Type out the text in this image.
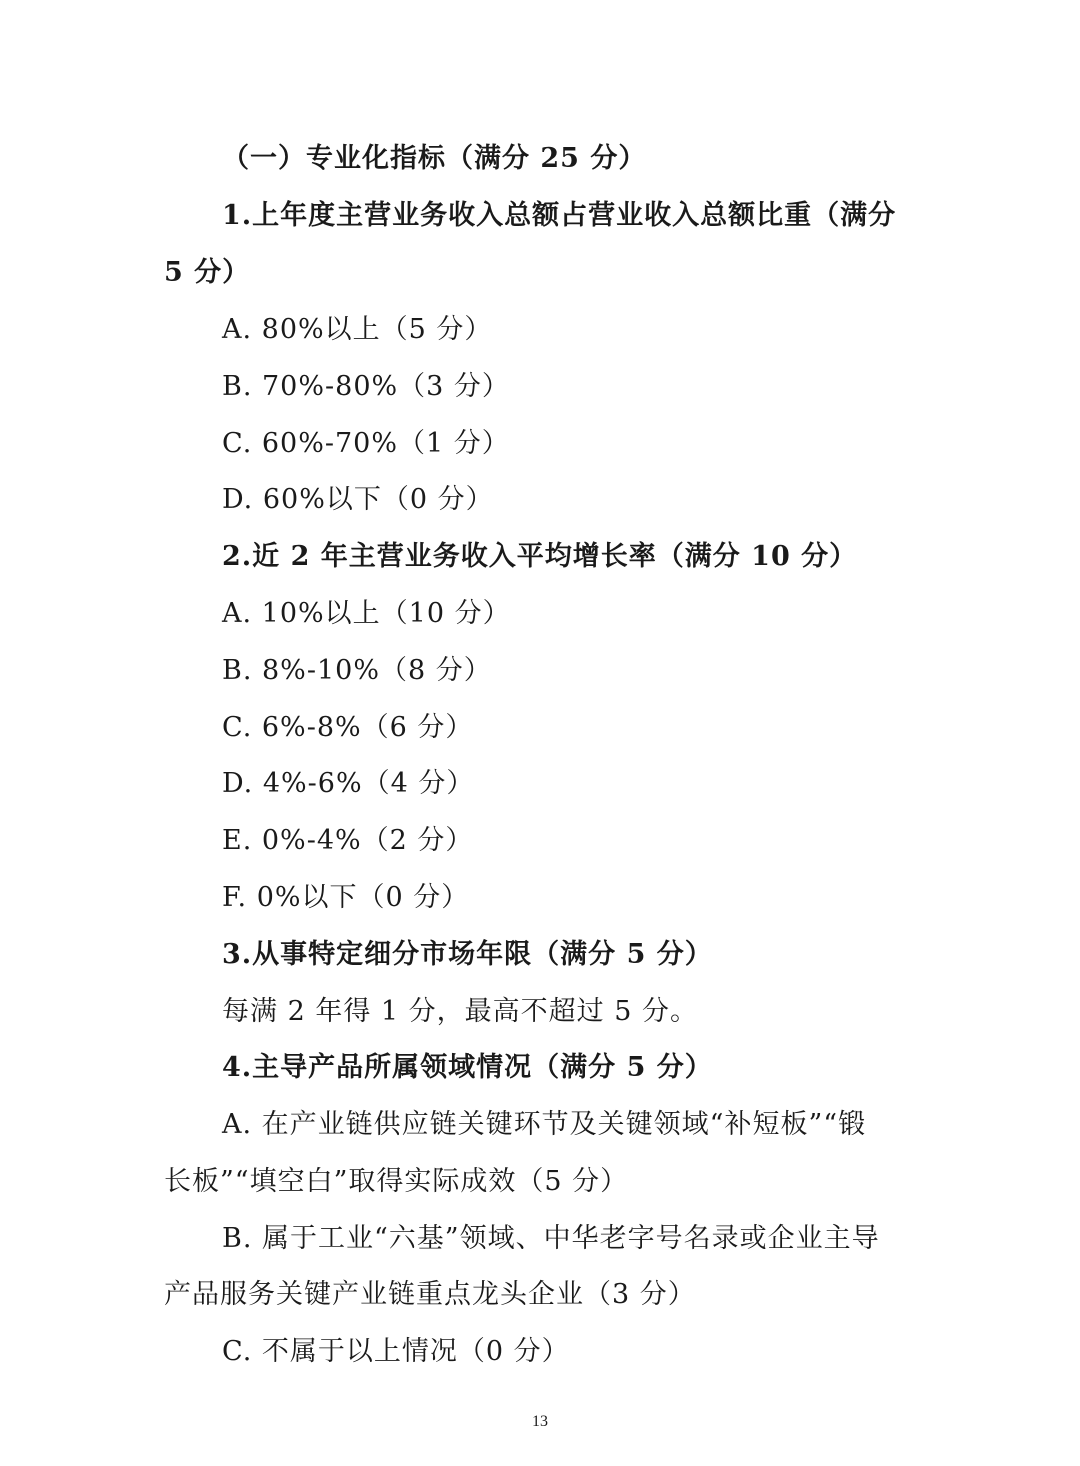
（一）专业化指标（满分 25 分）
1.上年度主营业务收入总额占营业收入总额比重（满分
5 分）
A. 80%以上（5 分）
B. 70%-80%（3 分）
C. 60%-70%（1 分）
D. 60%以下（0 分）
2.近 2 年主营业务收入平均增长率（满分 10 分）
A. 10%以上（10 分）
B. 8%-10%（8 分）
C. 6%-8%（6 分）
D. 4%-6%（4 分）
E. 0%-4%（2 分）
F. 0%以下（0 分）
3.从事特定细分市场年限（满分 5 分）
每满 2 年得 1 分，最高不超过 5 分。
4.主导产品所属领域情况（满分 5 分）
A. 在产业链供应链关键环节及关键领域“补短板”“锻
长板”“填空白”取得实际成效（5 分）
B. 属于工业“六基”领域、中华老字号名录或企业主导
产品服务关键产业链重点龙头企业（3 分）
C. 不属于以上情况（0 分）
13
